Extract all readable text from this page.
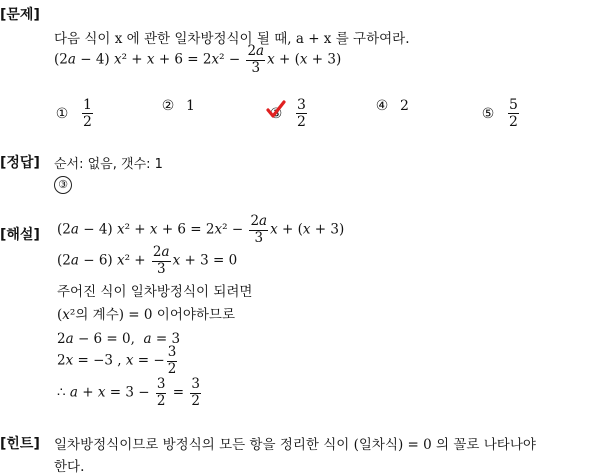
[문제]
다음 식이 x 에 관한 일차방정식이 될 때, a + x 를 구하여라.
(2a − 4) $x^2 + x + 6 = 2x^2 - \frac{2a}{3}$ x + (x + 3)
① $\frac{1}{2}$	② 1	③ $\frac{3}{2}$	④ 2	⑤ $\frac{5}{2}$
[정답] 순서: 없음, 갯수: 1
③
[해설] (2a − 4) $x^2 + x + 6 = 2x^2 - \frac{2a}{3}$ x + (x + 3)
(2a − 6) $x^2 + \frac{2a}{3}$ x + 3 = 0
주어진 식이 일차방정식이 되려면
(x²의 계수) = 0 이어야하므로
2a − 6 = 0,  a = 3
2x = −3 , x = − $\frac{3}{2}$
∴ $a + x = 3 - \frac{3}{2} = \frac{3}{2}$
[힌트] 일차방정식이므로 방정식의 모든 항을 정리한 식이 (일차식) = 0 의 꼴로 나타나야
한다.
